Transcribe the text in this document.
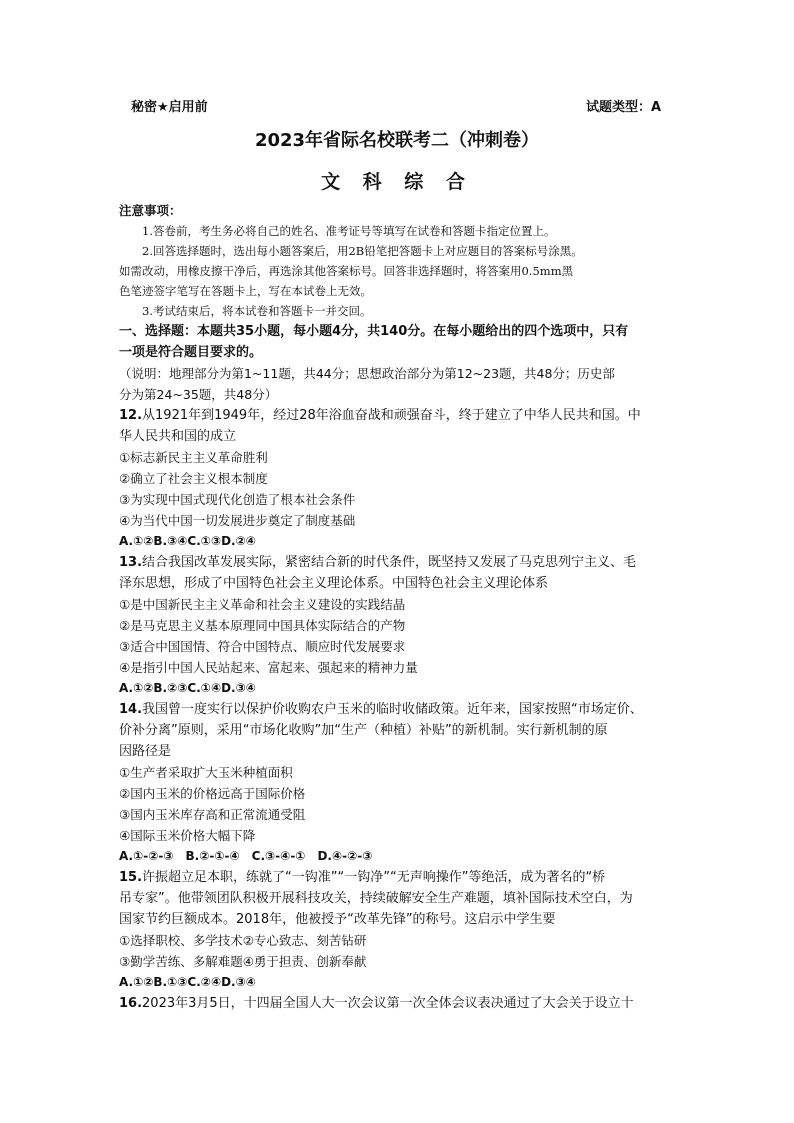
秘密★启用前	试题类型：A
2023年省际名校联考二（冲刺卷）
文 科 综 合
注意事项：

1.答卷前，考生务必将自己的姓名、准考证号等填写在试卷和答题卡指定位置上。

2.回答选择题时，选出每小题答案后，用2B铅笔把答题卡上对应题目的答案标号涂黑。

如需改动，用橡皮擦干净后，再选涂其他答案标号。回答非选择题时，将答案用0.5mm黑

色笔迹签字笔写在答题卡上，写在本试卷上无效。

3.考试结束后，将本试卷和答题卡一并交回。

一、选择题：本题共35小题，每小题4分，共140分。在每小题给出的四个选项中，只有

一项是符合题目要求的。

（说明：地理部分为第1~11题，共44分；思想政治部分为第12~23题，共48分；历史部

分为第24~35题，共48分）

12.从1921年到1949年，经过28年浴血奋战和顽强奋斗，终于建立了中华人民共和国。中

华人民共和国的成立

①标志新民主主义革命胜利

②确立了社会主义根本制度

③为实现中国式现代化创造了根本社会条件

④为当代中国一切发展进步奠定了制度基础

A.①②B.③④C.①③D.②④

13.结合我国改革发展实际，紧密结合新的时代条件，既坚持又发展了马克思列宁主义、毛

泽东思想，形成了中国特色社会主义理论体系。中国特色社会主义理论体系

①是中国新民主主义革命和社会主义建设的实践结晶

②是马克思主义基本原理同中国具体实际结合的产物

③适合中国国情、符合中国特点、顺应时代发展要求

④是指引中国人民站起来、富起来、强起来的精神力量

A.①②B.②③C.①④D.③④

14.我国曾一度实行以保护价收购农户玉米的临时收储政策。近年来，国家按照“市场定价、

价补分离”原则，采用“市场化收购”加“生产（种植）补贴”的新机制。实行新机制的原

因路径是

①生产者采取扩大玉米种植面积

②国内玉米的价格远高于国际价格

③国内玉米库存高和正常流通受阻

④国际玉米价格大幅下降

A.①-②-③　B.②-①-④　C.③-④-①　D.④-②-③

15.许振超立足本职，练就了“一钩准”“一钩净”“无声响操作”等绝活，成为著名的“桥

吊专家”。他带领团队积极开展科技攻关，持续破解安全生产难题，填补国际技术空白，为

国家节约巨额成本。2018年，他被授予“改革先锋”的称号。这启示中学生要

①选择职校、多学技术②专心致志、刻苦钻研

③勤学苦练、多解难题④勇于担责、创新奉献

A.①②B.①③C.②④D.③④

16.2023年3月5日，十四届全国人大一次会议第一次全体会议表决通过了大会关于设立十
